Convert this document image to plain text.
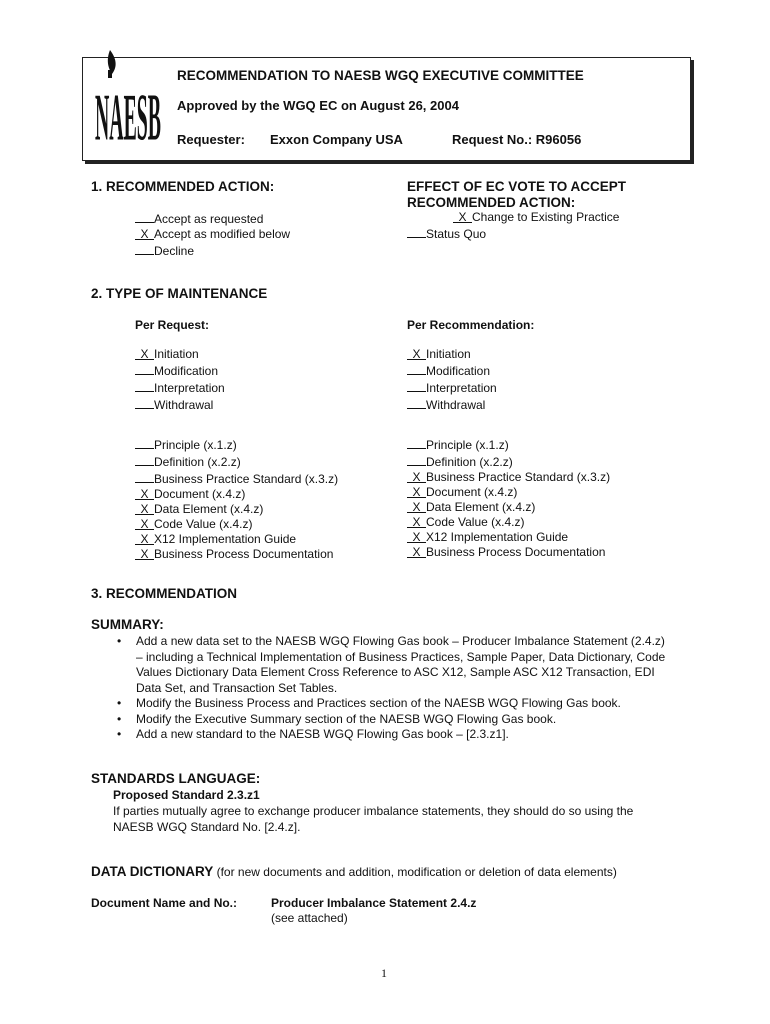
NAESB
RECOMMENDATION TO NAESB WGQ EXECUTIVE COMMITTEE
Approved by the WGQ EC on August 26, 2004
Requester: Exxon Company USA	Request No.: R96056
1. RECOMMENDED ACTION:	EFFECT OF EC VOTE TO ACCEPT
RECOMMENDED ACTION:
Accept as requested
X Accept as modified below
Decline
X Change to Existing Practice
Status Quo
2. TYPE OF MAINTENANCE
Per Request:	Per Recommendation:
X Initiation
Modification
Interpretation
Withdrawal
X Initiation
Modification
Interpretation
Withdrawal
Principle (x.1.z)
Definition (x.2.z)
Business Practice Standard (x.3.z)
X Document (x.4.z)
X Data Element (x.4.z)
X Code Value (x.4.z)
X X12 Implementation Guide
X Business Process Documentation
Principle (x.1.z)
Definition (x.2.z)
X Business Practice Standard (x.3.z)
X Document (x.4.z)
X Data Element (x.4.z)
X Code Value (x.4.z)
X X12 Implementation Guide
X Business Process Documentation
3. RECOMMENDATION
SUMMARY:
• Add a new data set to the NAESB WGQ Flowing Gas book – Producer Imbalance Statement (2.4.z) – including a Technical Implementation of Business Practices, Sample Paper, Data Dictionary, Code Values Dictionary Data Element Cross Reference to ASC X12, Sample ASC X12 Transaction, EDI Data Set, and Transaction Set Tables.
• Modify the Business Process and Practices section of the NAESB WGQ Flowing Gas book.
• Modify the Executive Summary section of the NAESB WGQ Flowing Gas book.
• Add a new standard to the NAESB WGQ Flowing Gas book – [2.3.z1].
STANDARDS LANGUAGE:
Proposed Standard 2.3.z1
If parties mutually agree to exchange producer imbalance statements, they should do so using the
NAESB WGQ Standard No. [2.4.z].
DATA DICTIONARY (for new documents and addition, modification or deletion of data elements)
Document Name and No.:	Producer Imbalance Statement 2.4.z
(see attached)
1
